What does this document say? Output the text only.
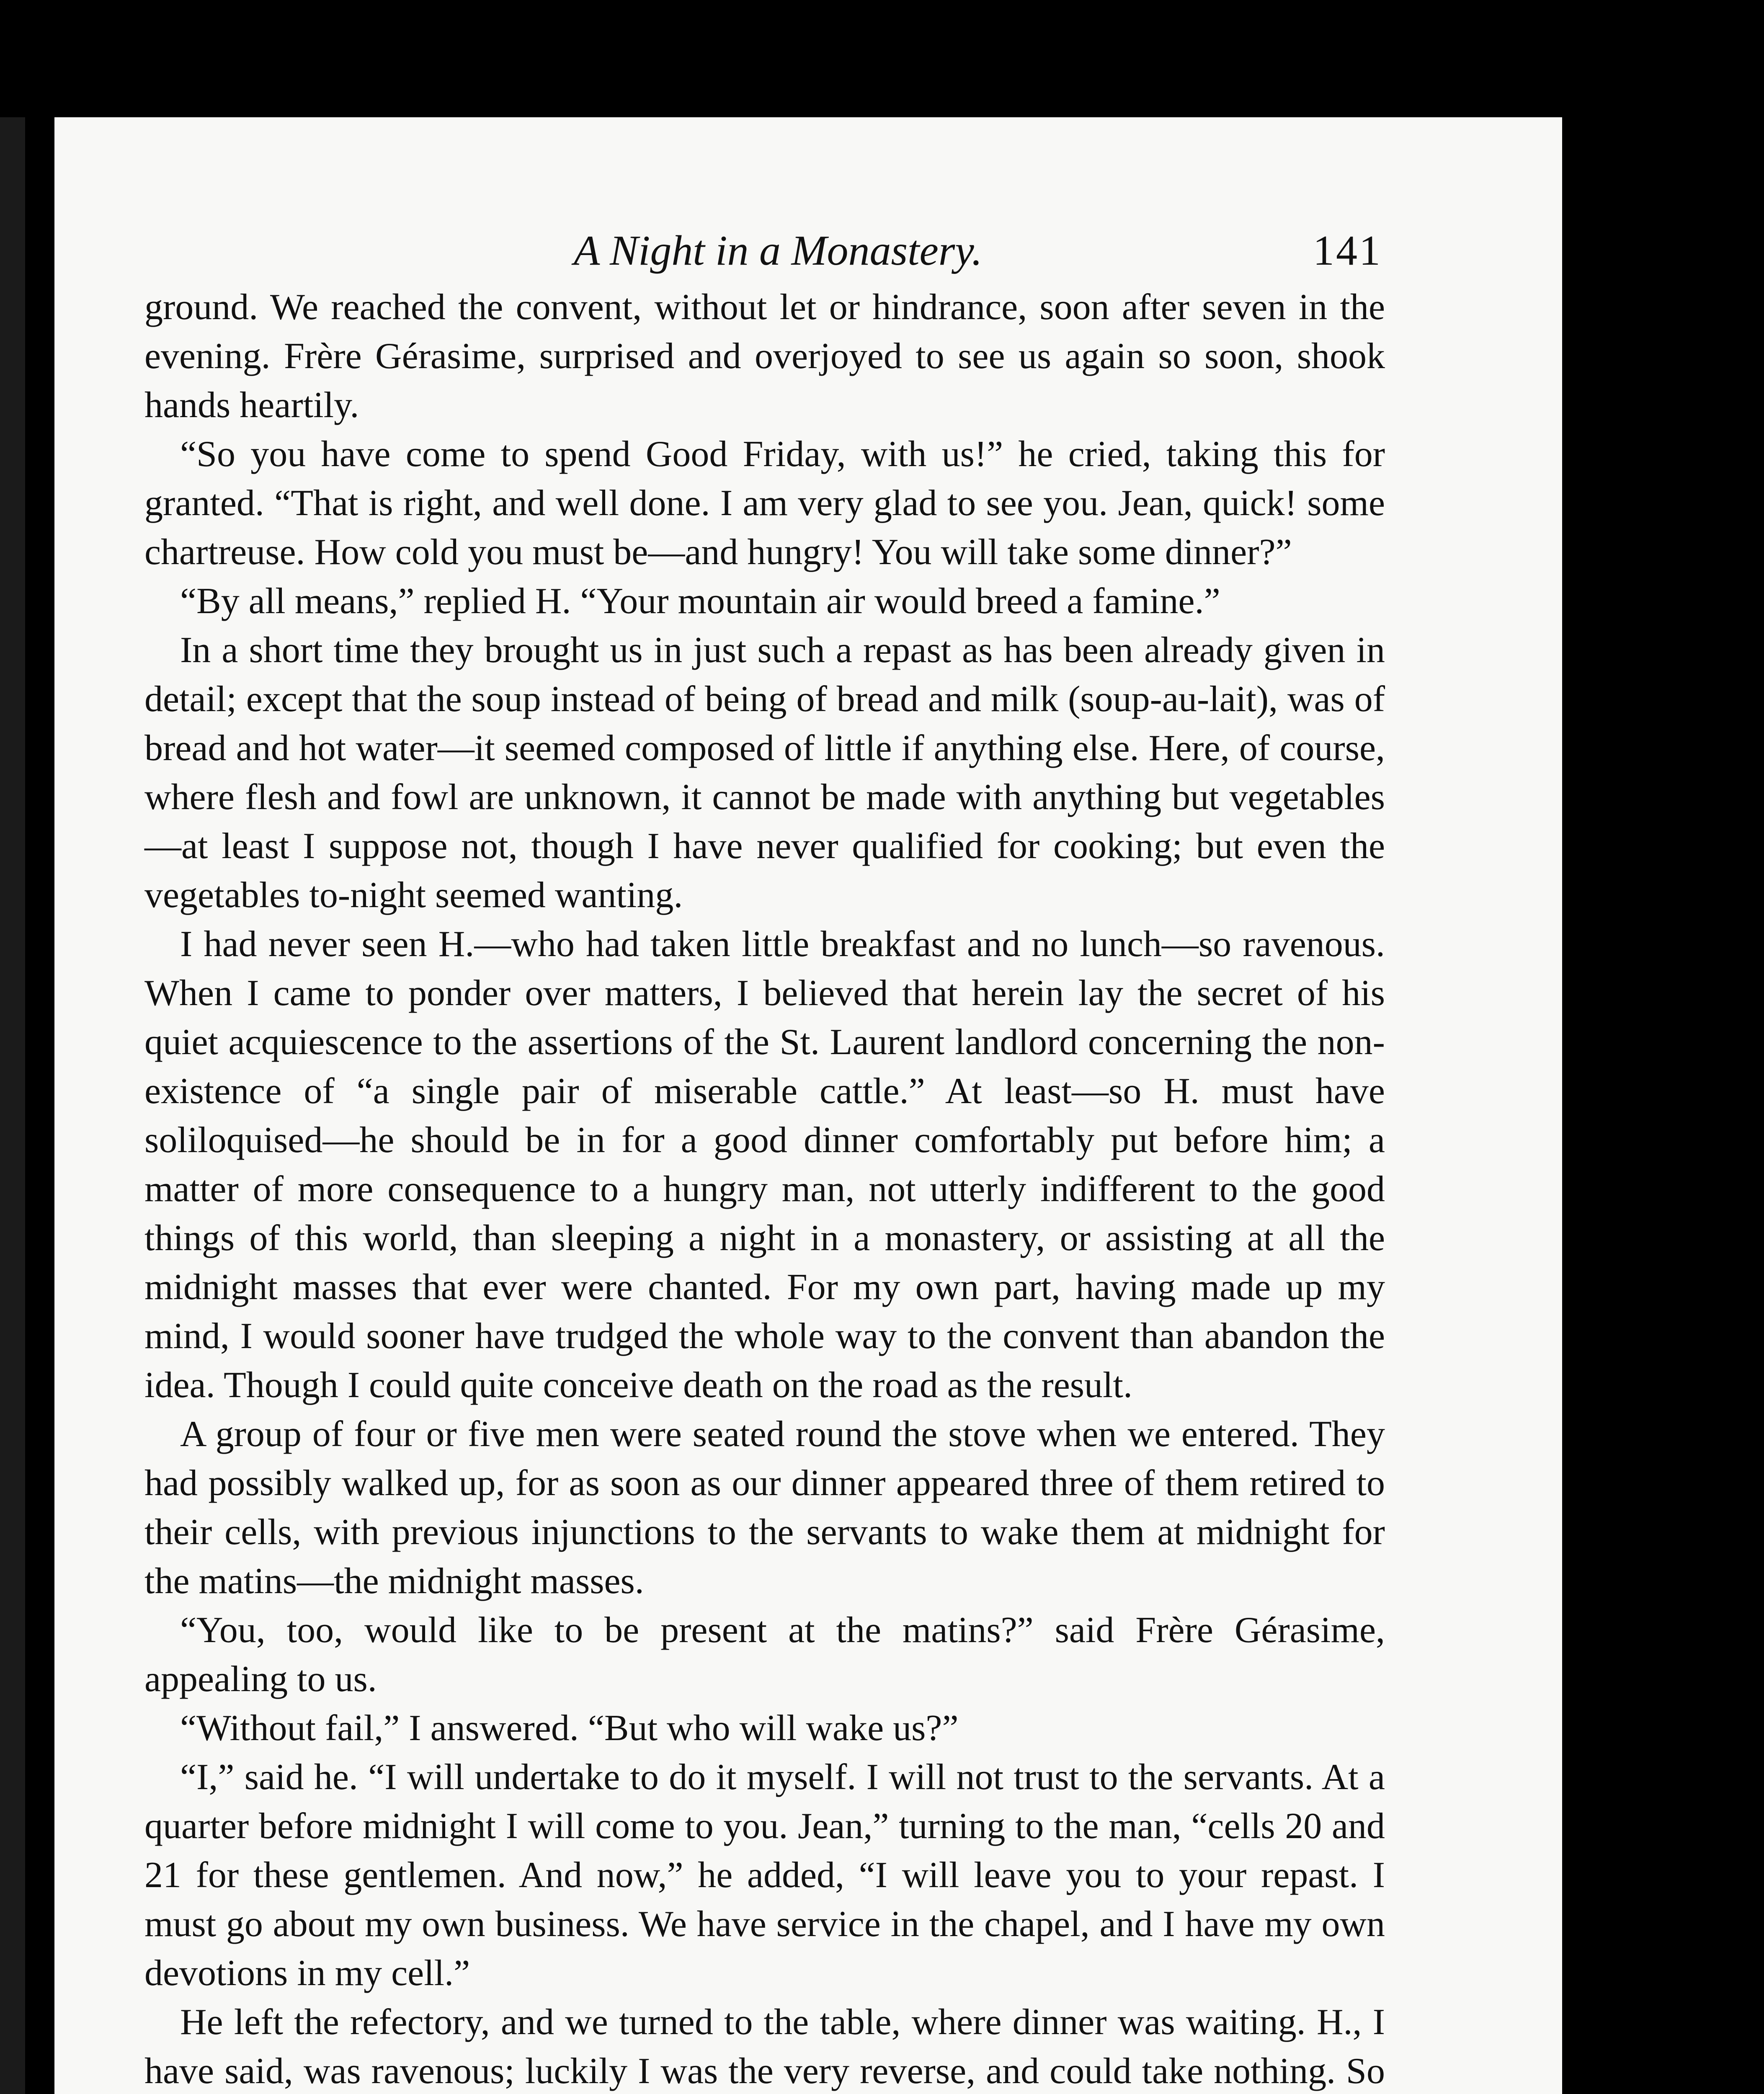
A Night in a Monastery.	141

ground. We reached the convent, without let or hindrance, soon after seven in the evening. Frère Gérasime, surprised and overjoyed to see us again so soon, shook hands heartily.

“So you have come to spend Good Friday, with us!” he cried, taking this for granted. “That is right, and well done. I am very glad to see you. Jean, quick! some chartreuse. How cold you must be—and hungry! You will take some dinner?”

“By all means,” replied H. “Your mountain air would breed a famine.”

In a short time they brought us in just such a repast as has been already given in detail; except that the soup instead of being of bread and milk (soup-au-lait), was of bread and hot water—it seemed composed of little if anything else. Here, of course, where flesh and fowl are unknown, it cannot be made with anything but vegetables—at least I suppose not, though I have never qualified for cooking; but even the vegetables to-night seemed wanting.

I had never seen H.—who had taken little breakfast and no lunch—so ravenous. When I came to ponder over matters, I believed that herein lay the secret of his quiet acquiescence to the assertions of the St. Laurent landlord concerning the non-existence of “a single pair of miserable cattle.” At least—so H. must have soliloquised—he should be in for a good dinner comfortably put before him; a matter of more consequence to a hungry man, not utterly indifferent to the good things of this world, than sleeping a night in a monastery, or assisting at all the midnight masses that ever were chanted. For my own part, having made up my mind, I would sooner have trudged the whole way to the convent than abandon the idea. Though I could quite conceive death on the road as the result.

A group of four or five men were seated round the stove when we entered. They had possibly walked up, for as soon as our dinner appeared three of them retired to their cells, with previous injunctions to the servants to wake them at midnight for the matins—the midnight masses.

“You, too, would like to be present at the matins?” said Frère Gérasime, appealing to us.

“Without fail,” I answered. “But who will wake us?”

“I,” said he. “I will undertake to do it myself. I will not trust to the servants. At a quarter before midnight I will come to you. Jean,” turning to the man, “cells 20 and 21 for these gentlemen. And now,” he added, “I will leave you to your repast. I must go about my own business. We have service in the chapel, and I have my own devotions in my cell.”

He left the refectory, and we turned to the table, where dinner was waiting. H., I have said, was ravenous; luckily I was the very reverse, and could take nothing. So
